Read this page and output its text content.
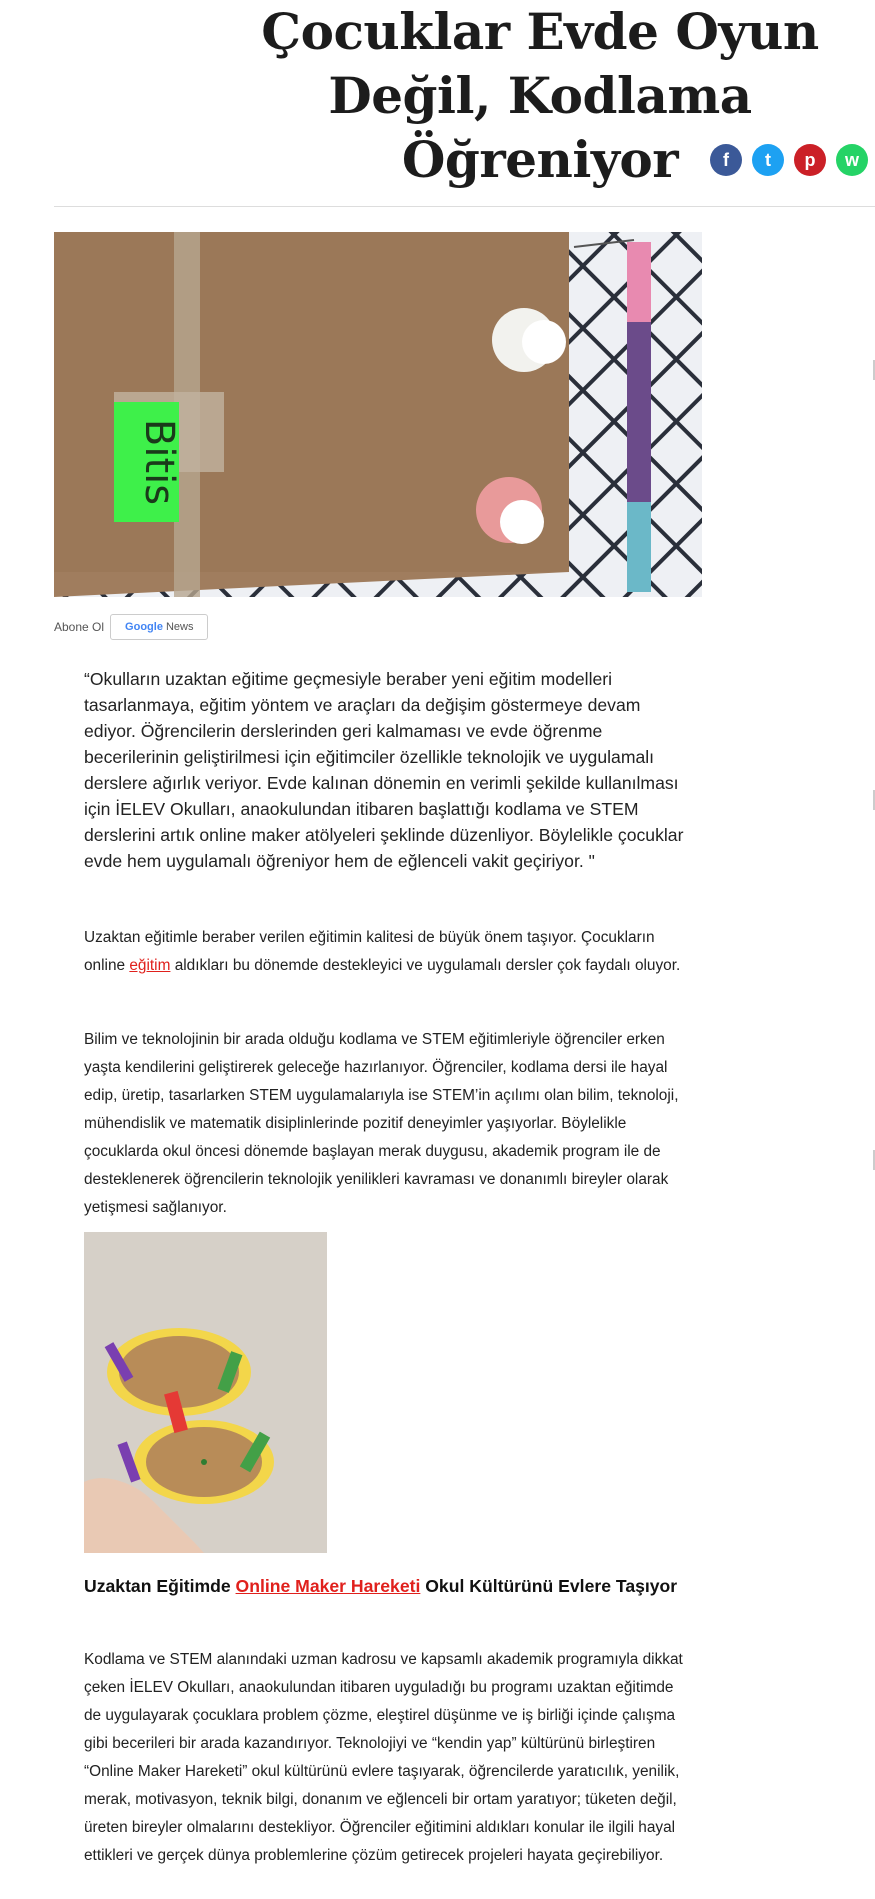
Çocuklar Evde Oyun Değil, Kodlama Öğreniyor	f	t	p	w
Bitis
Abone Ol Google News

“Okulların uzaktan eğitime geçmesiyle beraber yeni eğitim modelleri tasarlanmaya, eğitim yöntem ve araçları da değişim göstermeye devam ediyor. Öğrencilerin derslerinden geri kalmaması ve evde öğrenme becerilerinin geliştirilmesi için eğitimciler özellikle teknolojik ve uygulamalı derslere ağırlık veriyor. Evde kalınan dönemin en verimli şekilde kullanılması için İELEV Okulları, anaokulundan itibaren başlattığı kodlama ve STEM derslerini artık online maker atölyeleri şeklinde düzenliyor. Böylelikle çocuklar evde hem uygulamalı öğreniyor hem de eğlenceli vakit geçiriyor. "

Uzaktan eğitimle beraber verilen eğitimin kalitesi de büyük önem taşıyor. Çocukların online eğitim aldıkları bu dönemde destekleyici ve uygulamalı dersler çok faydalı oluyor.

Bilim ve teknolojinin bir arada olduğu kodlama ve STEM eğitimleriyle öğrenciler erken yaşta kendilerini geliştirerek geleceğe hazırlanıyor. Öğrenciler, kodlama dersi ile hayal edip, üretip, tasarlarken STEM uygulamalarıyla ise STEM’in açılımı olan bilim, teknoloji, mühendislik ve matematik disiplinlerinde pozitif deneyimler yaşıyorlar. Böylelikle çocuklarda okul öncesi dönemde başlayan merak duygusu, akademik program ile de desteklenerek öğrencilerin teknolojik yenilikleri kavraması ve donanımlı bireyler olarak yetişmesi sağlanıyor.

Uzaktan Eğitimde Online Maker Hareketi Okul Kültürünü Evlere Taşıyor

Kodlama ve STEM alanındaki uzman kadrosu ve kapsamlı akademik programıyla dikkat çeken İELEV Okulları, anaokulundan itibaren uyguladığı bu programı uzaktan eğitimde de uygulayarak çocuklara problem çözme, eleştirel düşünme ve iş birliği içinde çalışma gibi becerileri bir arada kazandırıyor. Teknolojiyi ve “kendin yap” kültürünü birleştiren “Online Maker Hareketi” okul kültürünü evlere taşıyarak, öğrencilerde yaratıcılık, yenilik, merak, motivasyon, teknik bilgi, donanım ve eğlenceli bir ortam yaratıyor; tüketen değil, üreten bireyler olmalarını destekliyor. Öğrenciler eğitimini aldıkları konular ile ilgili hayal ettikleri ve gerçek dünya problemlerine çözüm getirecek projeleri hayata geçirebiliyor.
